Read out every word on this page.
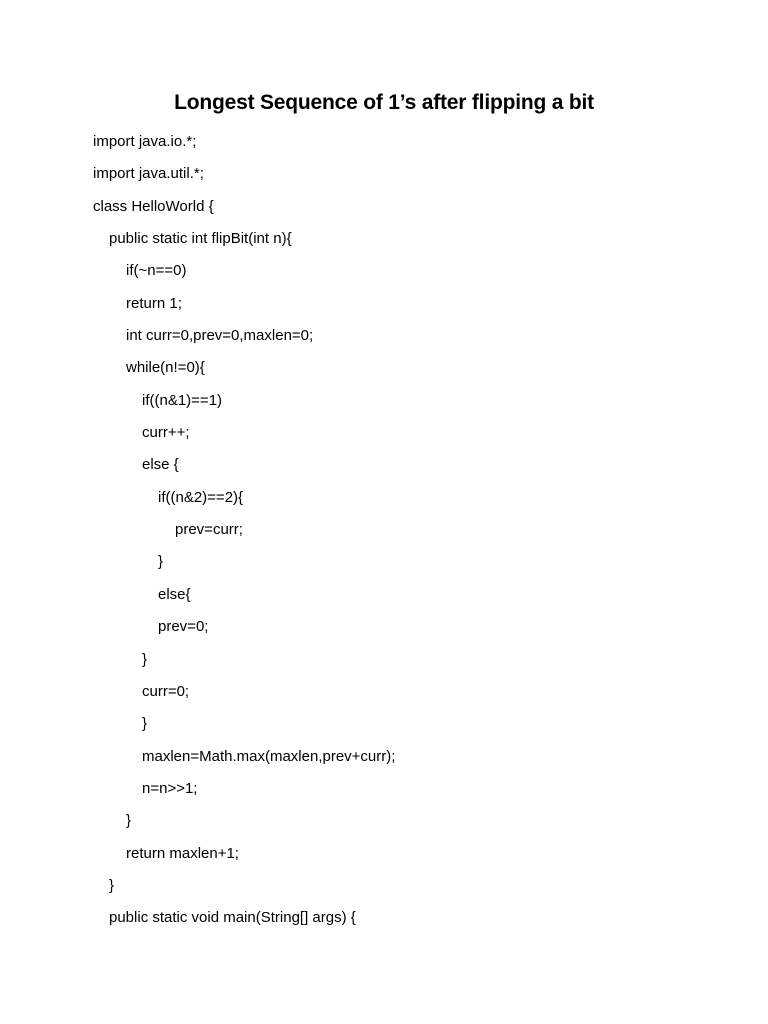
Longest Sequence of 1’s after flipping a bit
import java.io.*;
import java.util.*;
class HelloWorld {
public static int flipBit(int n){
if(~n==0)
return 1;
int curr=0,prev=0,maxlen=0;
while(n!=0){
if((n&1)==1)
curr++;
else {
if((n&2)==2){
prev=curr;
}
else{
prev=0;
}
curr=0;
}
maxlen=Math.max(maxlen,prev+curr);
n=n>>1;
}
return maxlen+1;
}
public static void main(String[] args) {
